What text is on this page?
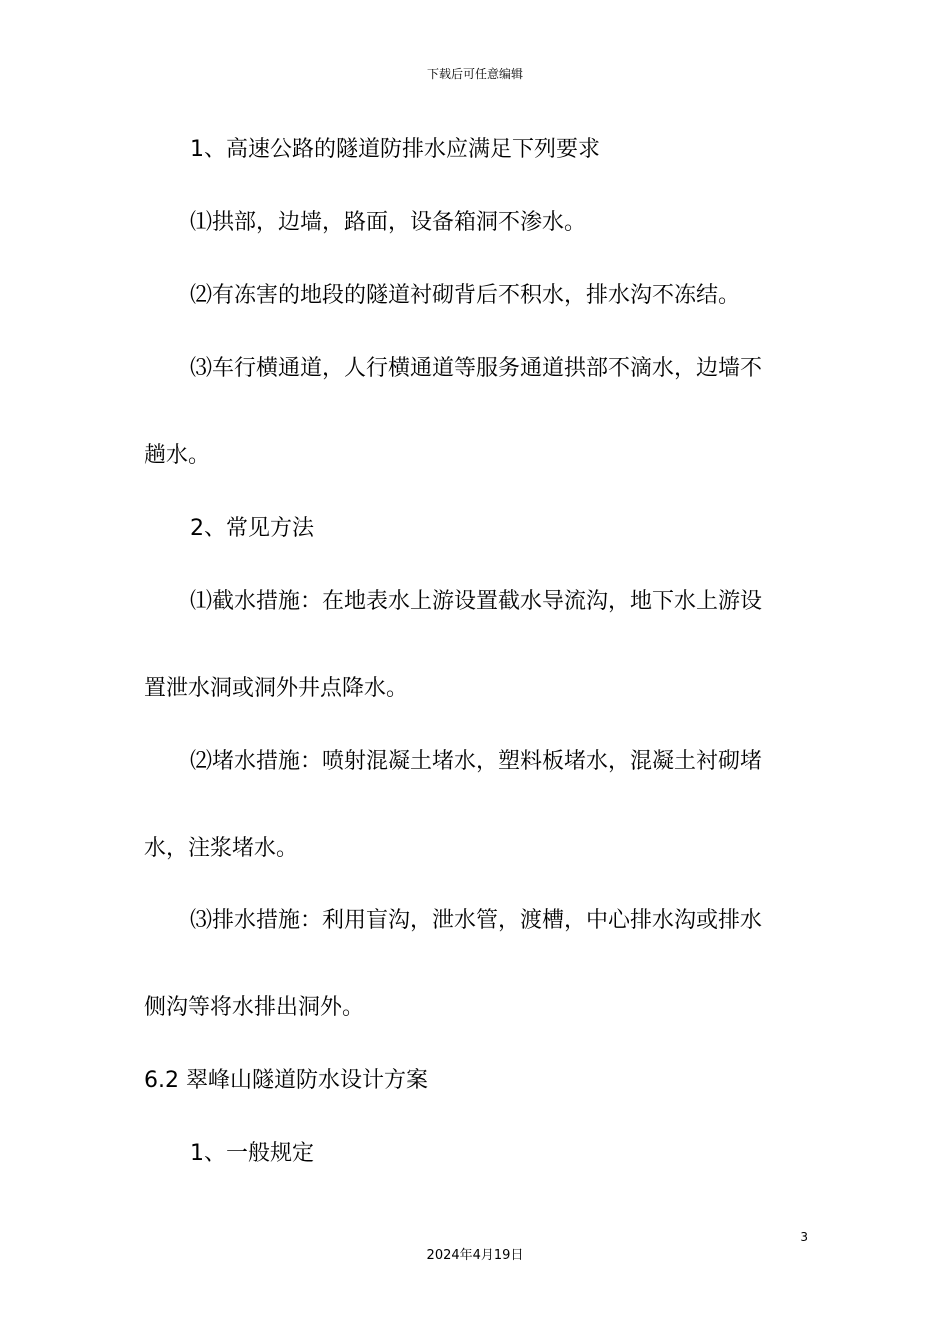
下载后可任意编辑
1、高速公路的隧道防排水应满足下列要求
⑴拱部，边墙，路面，设备箱洞不渗水。
⑵有冻害的地段的隧道衬砌背后不积水，排水沟不冻结。
⑶车行横通道，人行横通道等服务通道拱部不滴水，边墙不
趟水。
2、常见方法
⑴截水措施：在地表水上游设置截水导流沟，地下水上游设
置泄水洞或洞外井点降水。
⑵堵水措施：喷射混凝土堵水，塑料板堵水，混凝土衬砌堵
水，注浆堵水。
⑶排水措施：利用盲沟，泄水管，渡槽，中心排水沟或排水
侧沟等将水排出洞外。
6.2 翠峰山隧道防水设计方案
1、一般规定
3
2024年4月19日
